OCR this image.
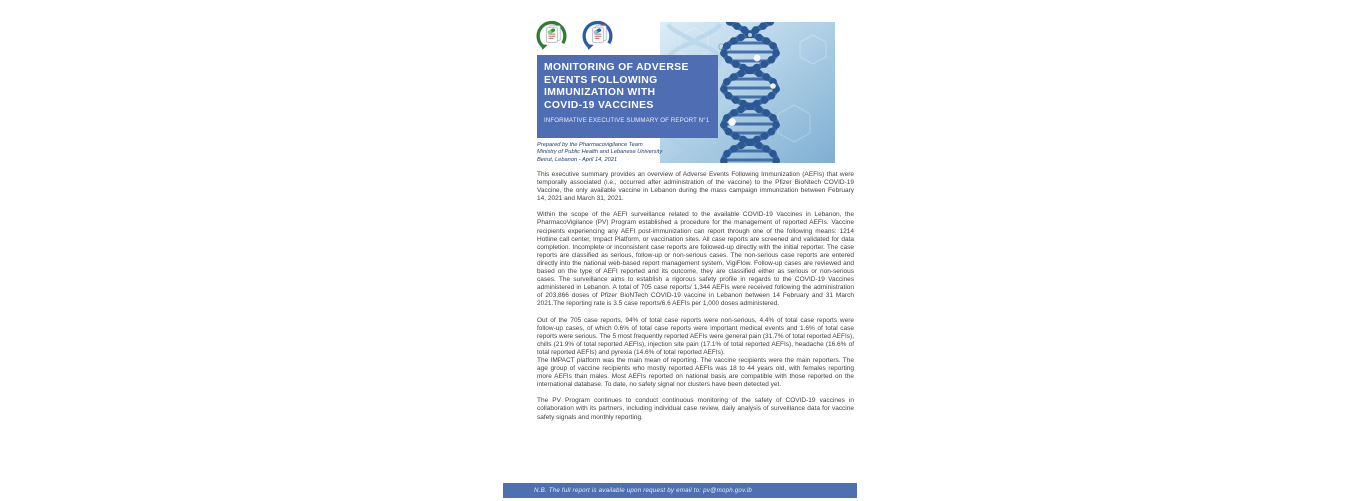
OH
MONITORING OF ADVERSE
EVENTS FOLLOWING
IMMUNIZATION WITH
COVID-19 VACCINES
INFORMATIVE EXECUTIVE SUMMARY OF REPORT N°1
Prepared by the Pharmacovigilance Team
Ministry of Public Health and Lebanese University
Beirut, Lebanon - April 14, 2021

This executive summary provides an overview of Adverse Events Following Immunization (AEFIs) that were temporally associated (i.e., occurred after administration of the vaccine) to the Pfizer BioNtech COVID-19 Vaccine, the only available vaccine in Lebanon during the mass campaign immunization between February 14, 2021 and March 31, 2021.

Within the scope of the AEFI surveillance related to the available COVID-19 Vaccines in Lebanon, the PharmacoVigilance (PV) Program established a procedure for the management of reported AEFIs. Vaccine recipients experiencing any AEFI post-immunization can report through one of the following means: 1214 Hotline call center, Impact Platform, or vaccination sites. All case reports are screened and validated for data completion. Incomplete or inconsistent case reports are followed-up directly with the initial reporter. The case reports are classified as serious, follow-up or non-serious cases. The non-serious case reports are entered directly into the national web-based report management system, VigiFlow. Follow-up cases are reviewed and based on the type of AEFI reported and its outcome, they are classified either as serious or non-serious cases. The surveillance aims to establish a rigorous safety profile in regards to the COVID-19 Vaccines administered in Lebanon. A total of 705 case reports/ 1,344 AEFIs were received following the administration of 203,866 doses of Pfizer BioNTech COVID-19 vaccine in Lebanon between 14 February and 31 March 2021.The reporting rate is 3.5 case reports/6.6 AEFIs per 1,000 doses administered.

Out of the 705 case reports, 94% of total case reports were non-serious, 4.4% of total case reports were follow-up cases, of which 0.6% of total case reports were important medical events and 1.6% of total case reports were serious. The 5 most frequently reported AEFIs were general pain (31.7% of total reported AEFIs), chills (21.9% of total reported AEFIs), injection site pain (17.1% of total reported AEFIs), headache (16.6% of total reported AEFIs) and pyrexia (14.6% of total reported AEFIs).

The IMPACT platform was the main mean of reporting. The vaccine recipients were the main reporters. The age group of vaccine recipients who mostly reported AEFIs was 18 to 44 years old, with females reporting more AEFIs than males. Most AEFIs reported on national basis are compatible with those reported on the international database. To date, no safety signal nor clusters have been detected yet.

The PV Program continues to conduct continuous monitoring of the safety of COVID-19 vaccines in collaboration with its partners, including individual case review, daily analysis of surveillance data for vaccine safety signals and monthly reporting.

N.B. The full report is available upon request by email to: pv@moph.gov.lb
